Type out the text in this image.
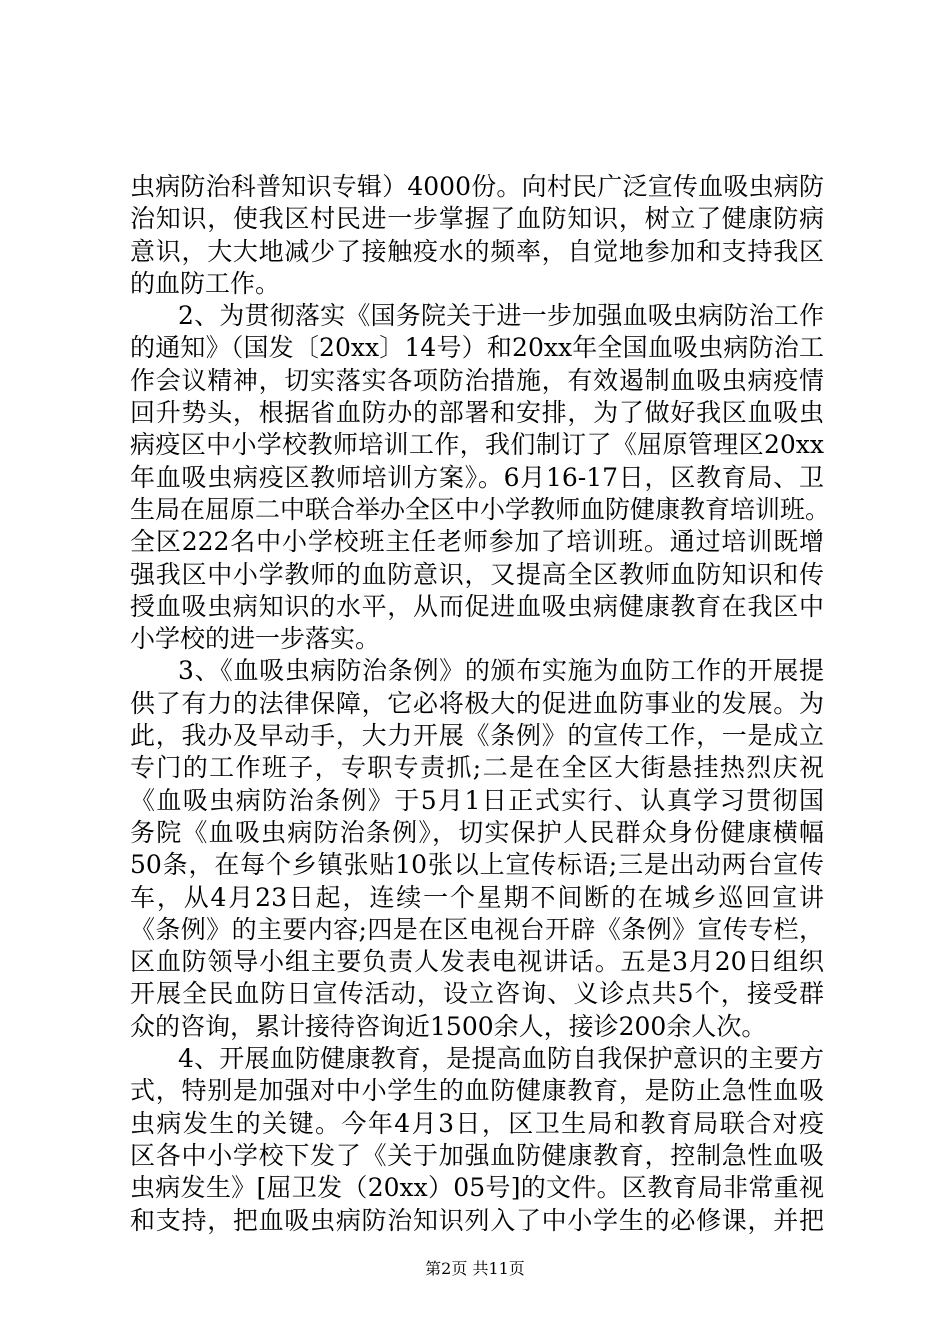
虫病防治科普知识专辑）4000份。向村民广泛宣传血吸虫病防
治知识，使我区村民进一步掌握了血防知识，树立了健康防病
意识，大大地减少了接触疫水的频率，自觉地参加和支持我区
的血防工作。
2、为贯彻落实《国务院关于进一步加强血吸虫病防治工作
的通知》（国发〔20xx〕14号）和20xx年全国血吸虫病防治工
作会议精神，切实落实各项防治措施，有效遏制血吸虫病疫情
回升势头，根据省血防办的部署和安排，为了做好我区血吸虫
病疫区中小学校教师培训工作，我们制订了《屈原管理区20xx
年血吸虫病疫区教师培训方案》。6月16-17日，区教育局、卫
生局在屈原二中联合举办全区中小学教师血防健康教育培训班。
全区222名中小学校班主任老师参加了培训班。通过培训既增
强我区中小学教师的血防意识，又提高全区教师血防知识和传
授血吸虫病知识的水平，从而促进血吸虫病健康教育在我区中
小学校的进一步落实。
3、《血吸虫病防治条例》的颁布实施为血防工作的开展提
供了有力的法律保障，它必将极大的促进血防事业的发展。为
此，我办及早动手，大力开展《条例》的宣传工作，一是成立
专门的工作班子，专职专责抓;二是在全区大街悬挂热烈庆祝
《血吸虫病防治条例》于5月1日正式实行、认真学习贯彻国
务院《血吸虫病防治条例》，切实保护人民群众身份健康横幅
50条，在每个乡镇张贴10张以上宣传标语;三是出动两台宣传
车，从4月23日起，连续一个星期不间断的在城乡巡回宣讲
《条例》的主要内容;四是在区电视台开辟《条例》宣传专栏，
区血防领导小组主要负责人发表电视讲话。五是3月20日组织
开展全民血防日宣传活动，设立咨询、义诊点共5个，接受群
众的咨询，累计接待咨询近1500余人，接诊200余人次。
4、开展血防健康教育，是提高血防自我保护意识的主要方
式，特别是加强对中小学生的血防健康教育，是防止急性血吸
虫病发生的关键。今年4月3日，区卫生局和教育局联合对疫
区各中小学校下发了《关于加强血防健康教育，控制急性血吸
虫病发生》[屈卫发（20xx）05号]的文件。区教育局非常重视
和支持，把血吸虫病防治知识列入了中小学生的必修课，并把
第2页 共11页
